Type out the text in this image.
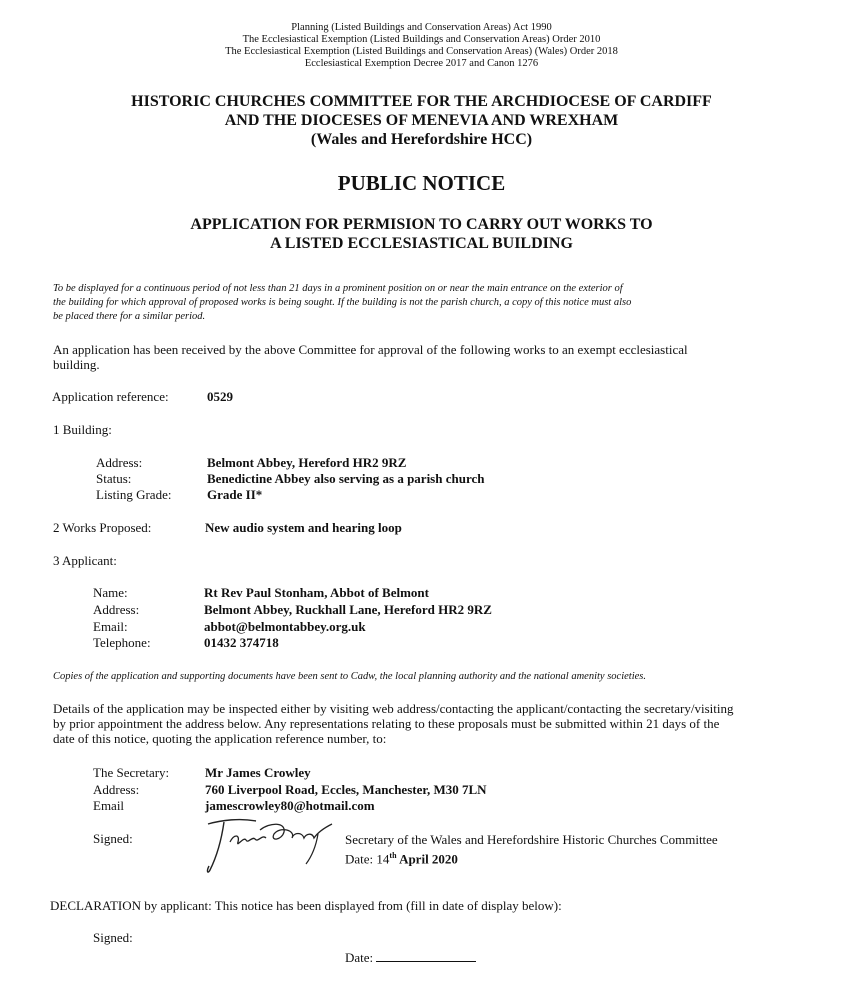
Planning (Listed Buildings and Conservation Areas) Act 1990
The Ecclesiastical Exemption (Listed Buildings and Conservation Areas) Order 2010
The Ecclesiastical Exemption (Listed Buildings and Conservation Areas) (Wales) Order 2018
Ecclesiastical Exemption Decree 2017 and Canon 1276
HISTORIC CHURCHES COMMITTEE FOR THE ARCHDIOCESE OF CARDIFF
AND THE DIOCESES OF MENEVIA AND WREXHAM
(Wales and Herefordshire HCC)
PUBLIC NOTICE
APPLICATION FOR PERMISION TO CARRY OUT WORKS TO
A LISTED ECCLESIASTICAL BUILDING
To be displayed for a continuous period of not less than 21 days in a prominent position on or near the main entrance on the exterior of
the building for which approval of proposed works is being sought. If the building is not the parish church, a copy of this notice must also
be placed there for a similar period.
An application has been received by the above Committee for approval of the following works to an exempt ecclesiastical
building.
Application reference:	0529
1 Building:
Address:	Belmont Abbey, Hereford HR2 9RZ
Status:	Benedictine Abbey also serving as a parish church
Listing Grade:	Grade II*
2 Works Proposed:	New audio system and hearing loop
3 Applicant:
Name:	Rt Rev Paul Stonham, Abbot of Belmont
Address:	Belmont Abbey, Ruckhall Lane, Hereford HR2 9RZ
Email:	abbot@belmontabbey.org.uk
Telephone:	01432 374718
Copies of the application and supporting documents have been sent to Cadw, the local planning authority and the national amenity societies.
Details of the application may be inspected either by visiting web address/contacting the applicant/contacting the secretary/visiting
by prior appointment the address below. Any representations relating to these proposals must be submitted within 21 days of the
date of this notice, quoting the application reference number, to:
The Secretary:	Mr James Crowley
Address:	760 Liverpool Road, Eccles, Manchester, M30 7LN
Email	jamescrowley80@hotmail.com
Signed:	Secretary of the Wales and Herefordshire Historic Churches Committee
Date: 14th April 2020
DECLARATION by applicant: This notice has been displayed from (fill in date of display below):
Signed:
Date:
